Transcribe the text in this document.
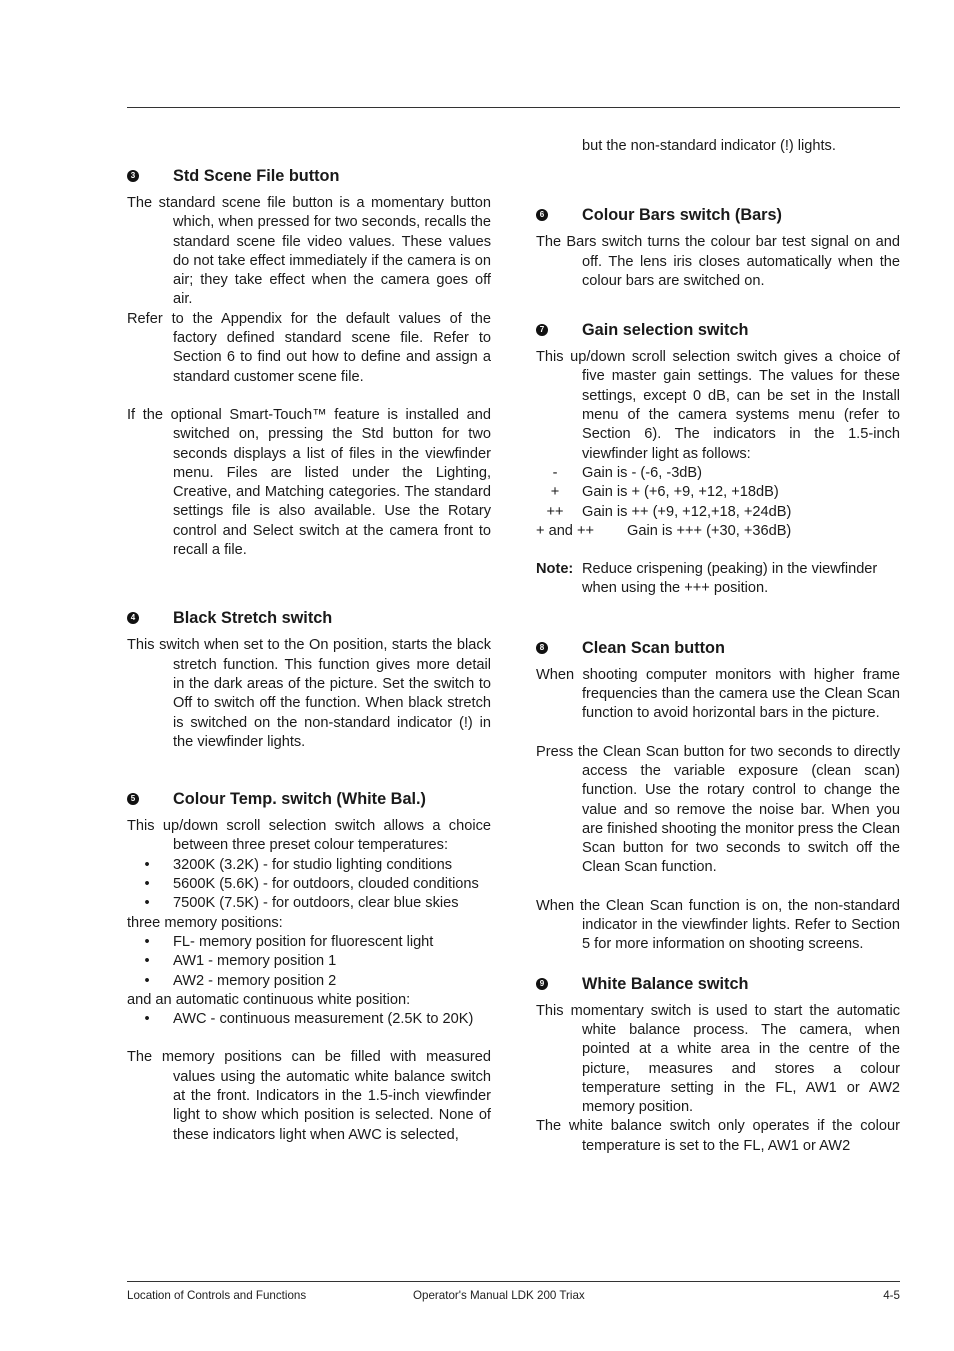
3 Std Scene File button
The standard scene file button is a momentary button which, when pressed for two seconds, recalls the standard scene file video values. These values do not take effect immediately if the camera is on air; they take effect when the camera goes off air.
Refer to the Appendix for the default values of the factory defined standard scene file. Refer to Section 6 to find out how to define and assign a standard customer scene file.
If the optional Smart-Touch™ feature is installed and switched on, pressing the Std button for two seconds displays a list of files in the viewfinder menu. Files are listed under the Lighting, Creative, and Matching categories. The standard settings file is also available. Use the Rotary control and Select switch at the camera front to recall a file.
4 Black Stretch switch
This switch when set to the On position, starts the black stretch function. This function gives more detail in the dark areas of the picture. Set the switch to Off to switch off the function. When black stretch is switched on the non-standard indicator (!) in the viewfinder lights.
5 Colour Temp. switch (White Bal.)
This up/down scroll selection switch allows a choice between three preset colour temperatures:
• 3200K (3.2K) - for studio lighting conditions
• 5600K (5.6K) - for outdoors, clouded conditions
• 7500K (7.5K) - for outdoors, clear blue skies
three memory positions:
• FL- memory position for fluorescent light
• AW1 - memory position 1
• AW2 - memory position 2
and an automatic continuous white position:
• AWC - continuous measurement (2.5K to 20K)
The memory positions can be filled with measured values using the automatic white balance switch at the front. Indicators in the 1.5-inch viewfinder light to show which position is selected. None of these indicators light when AWC is selected,
but the non-standard indicator (!) lights.
6 Colour Bars switch (Bars)
The Bars switch turns the colour bar test signal on and off. The lens iris closes automatically when the colour bars are switched on.
7 Gain selection switch
This up/down scroll selection switch gives a choice of five master gain settings. The values for these settings, except 0 dB, can be set in the Install menu of the camera systems menu (refer to Section 6). The indicators in the 1.5-inch viewfinder light as follows:
-	Gain is - (-6, -3dB)
+	Gain is + (+6, +9, +12, +18dB)
++	Gain is ++ (+9, +12,+18, +24dB)
+ and ++	Gain is +++ (+30, +36dB)
Note: Reduce crispening (peaking) in the viewfinder when using the +++ position.
8 Clean Scan button
When shooting computer monitors with higher frame frequencies than the camera use the Clean Scan function to avoid horizontal bars in the picture.
Press the Clean Scan button for two seconds to directly access the variable exposure (clean scan) function. Use the rotary control to change the value and so remove the noise bar. When you are finished shooting the monitor press the Clean Scan button for two seconds to switch off the Clean Scan function.
When the Clean Scan function is on, the non-standard indicator in the viewfinder lights. Refer to Section 5 for more information on shooting screens.
9 White Balance switch
This momentary switch is used to start the automatic white balance process. The camera, when pointed at a white area in the centre of the picture, measures and stores a colour temperature setting in the FL, AW1 or AW2 memory position.
The white balance switch only operates if the colour temperature is set to the FL, AW1 or AW2
Location of Controls and Functions	Operator's Manual LDK 200 Triax	4-5
